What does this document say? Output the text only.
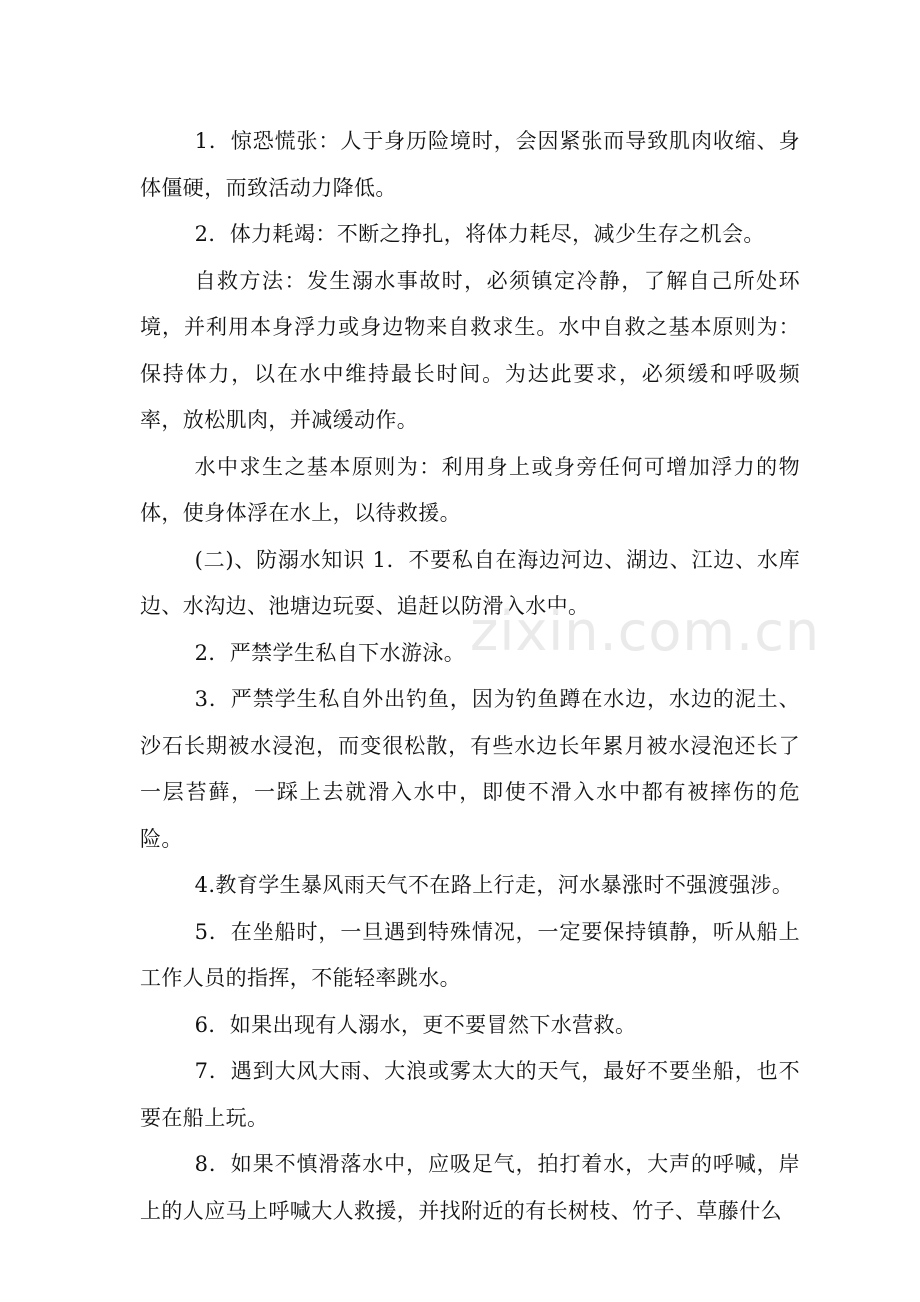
1．惊恐慌张：人于身历险境时，会因紧张而导致肌肉收缩、身体僵硬，而致活动力降低。

2．体力耗竭：不断之挣扎，将体力耗尽，减少生存之机会。

自救方法：发生溺水事故时，必须镇定冷静，了解自己所处环境，并利用本身浮力或身边物来自救求生。水中自救之基本原则为：保持体力，以在水中维持最长时间。为达此要求，必须缓和呼吸频率，放松肌肉，并减缓动作。

水中求生之基本原则为：利用身上或身旁任何可增加浮力的物体，使身体浮在水上，以待救援。

(二)、防溺水知识 1．不要私自在海边河边、湖边、江边、水库边、水沟边、池塘边玩耍、追赶以防滑入水中。

2．严禁学生私自下水游泳。

3．严禁学生私自外出钓鱼，因为钓鱼蹲在水边，水边的泥土、沙石长期被水浸泡，而变很松散，有些水边长年累月被水浸泡还长了一层苔藓，一踩上去就滑入水中，即使不滑入水中都有被摔伤的危险。

4.教育学生暴风雨天气不在路上行走，河水暴涨时不强渡强涉。

5．在坐船时，一旦遇到特殊情况，一定要保持镇静，听从船上工作人员的指挥，不能轻率跳水。

6．如果出现有人溺水，更不要冒然下水营救。

7．遇到大风大雨、大浪或雾太大的天气，最好不要坐船，也不要在船上玩。

8．如果不慎滑落水中，应吸足气，拍打着水，大声的呼喊，岸上的人应马上呼喊大人救援，并找附近的有长树枝、竹子、草藤什么

zixin.com.cn
